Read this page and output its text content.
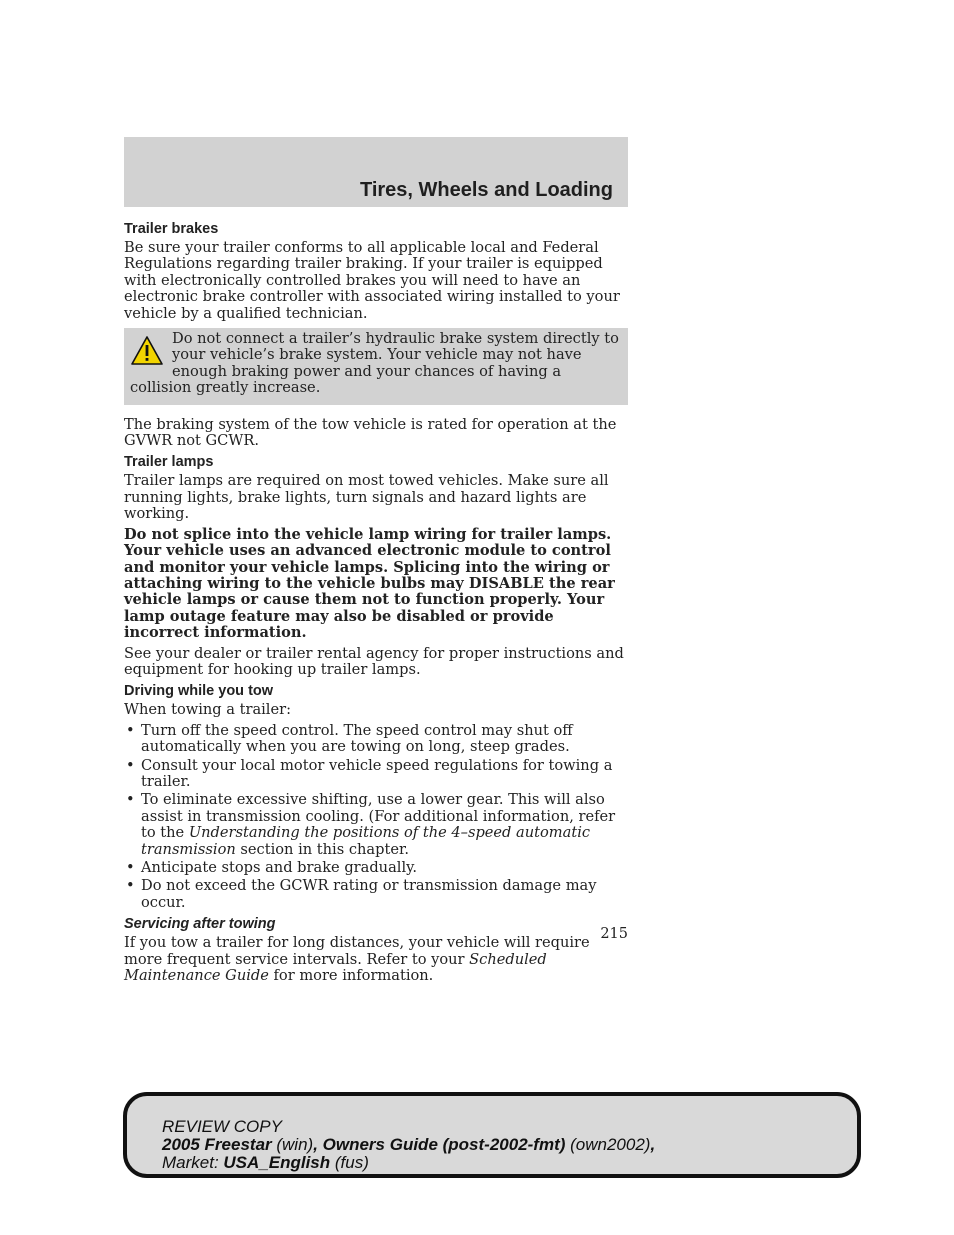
Tires, Wheels and Loading
Trailer brakes

Be sure your trailer conforms to all applicable local and Federal Regulations regarding trailer braking. If your trailer is equipped with electronically controlled brakes you will need to have an electronic brake controller with associated wiring installed to your vehicle by a qualified technician.

Do not connect a trailer’s hydraulic brake system directly to your vehicle’s brake system. Your vehicle may not have enough braking power and your chances of having a collision greatly increase.

The braking system of the tow vehicle is rated for operation at the GVWR not GCWR.

Trailer lamps

Trailer lamps are required on most towed vehicles. Make sure all running lights, brake lights, turn signals and hazard lights are working.

Do not splice into the vehicle lamp wiring for trailer lamps. Your vehicle uses an advanced electronic module to control and monitor your vehicle lamps. Splicing into the wiring or attaching wiring to the vehicle bulbs may DISABLE the rear vehicle lamps or cause them not to function properly. Your lamp outage feature may also be disabled or provide incorrect information.

See your dealer or trailer rental agency for proper instructions and equipment for hooking up trailer lamps.

Driving while you tow

When towing a trailer:

• Turn off the speed control. The speed control may shut off automatically when you are towing on long, steep grades.
• Consult your local motor vehicle speed regulations for towing a trailer.
• To eliminate excessive shifting, use a lower gear. This will also assist in transmission cooling. (For additional information, refer to the Understanding the positions of the 4–speed automatic transmission section in this chapter.
• Anticipate stops and brake gradually.
• Do not exceed the GCWR rating or transmission damage may occur.
Servicing after towing

If you tow a trailer for long distances, your vehicle will require more frequent service intervals. Refer to your Scheduled Maintenance Guide for more information.

215
REVIEW COPY
2005 Freestar (win), Owners Guide (post-2002-fmt) (own2002),
Market: USA_English (fus)
